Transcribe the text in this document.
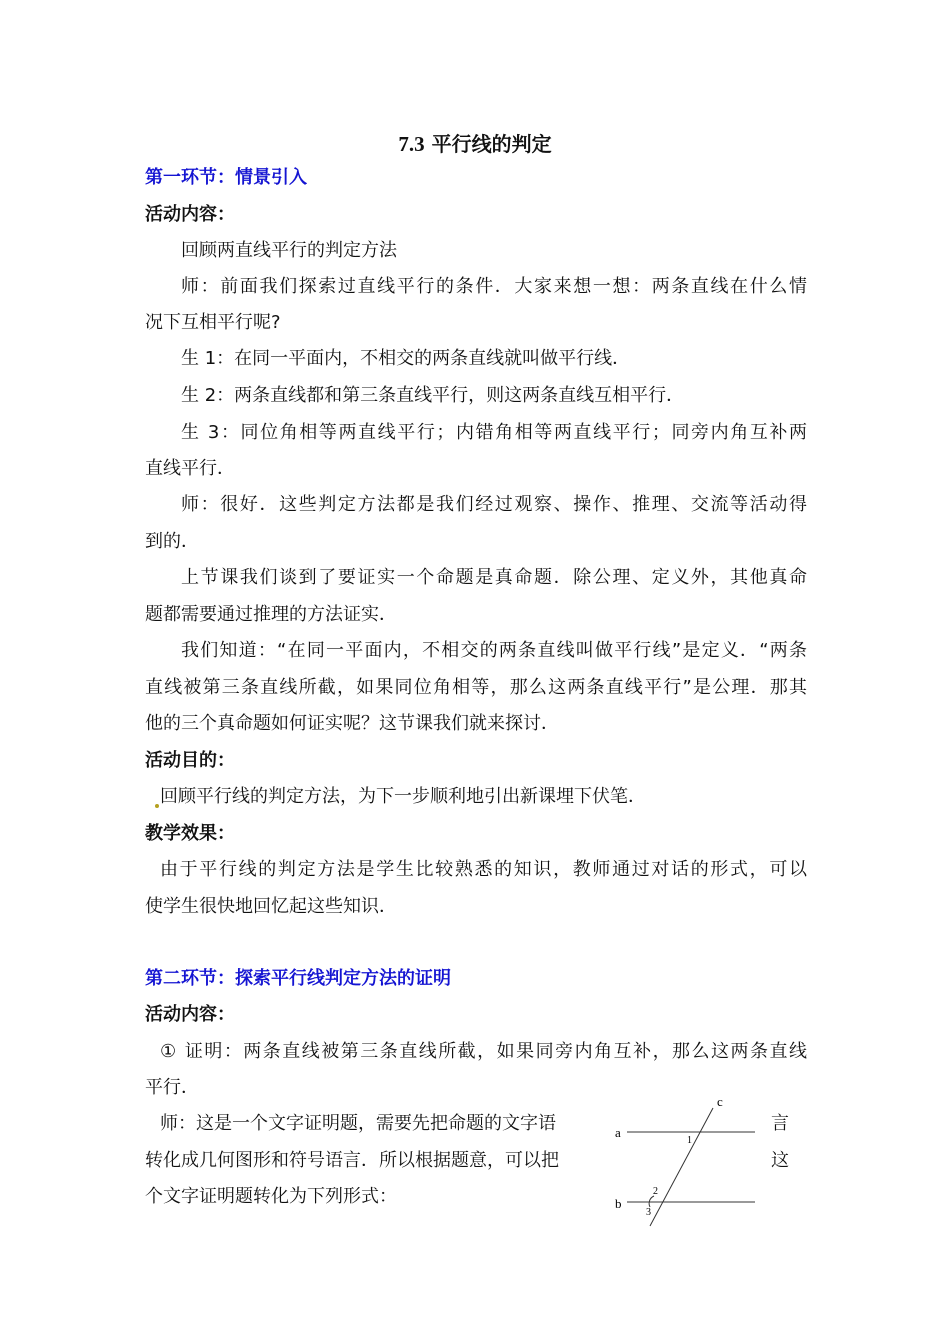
7.3 平行线的判定
第一环节：情景引入
活动内容：
回顾两直线平行的判定方法
师：前面我们探索过直线平行的条件．大家来想一想：两条直线在什么情
况下互相平行呢?
生 1：在同一平面内，不相交的两条直线就叫做平行线．
生 2：两条直线都和第三条直线平行，则这两条直线互相平行．
生 3：同位角相等两直线平行；内错角相等两直线平行；同旁内角互补两
直线平行．
师：很好．这些判定方法都是我们经过观察、操作、推理、交流等活动得
到的．
上节课我们谈到了要证实一个命题是真命题．除公理、定义外，其他真命
题都需要通过推理的方法证实．
我们知道：“在同一平面内，不相交的两条直线叫做平行线”是定义．“两条
直线被第三条直线所截，如果同位角相等，那么这两条直线平行”是公理．那其
他的三个真命题如何证实呢？这节课我们就来探讨．
活动目的：
回顾平行线的判定方法，为下一步顺利地引出新课埋下伏笔．
教学效果：
由于平行线的判定方法是学生比较熟悉的知识，教师通过对话的形式，可以
使学生很快地回忆起这些知识．
第二环节：探索平行线判定方法的证明
活动内容：
① 证明：两条直线被第三条直线所截，如果同旁内角互补，那么这两条直线
平行．
师：这是一个文字证明题，需要先把命题的文字语
转化成几何图形和符号语言．所以根据题意，可以把
个文字证明题转化为下列形式：
言
这
a
b
c
1
2
3
